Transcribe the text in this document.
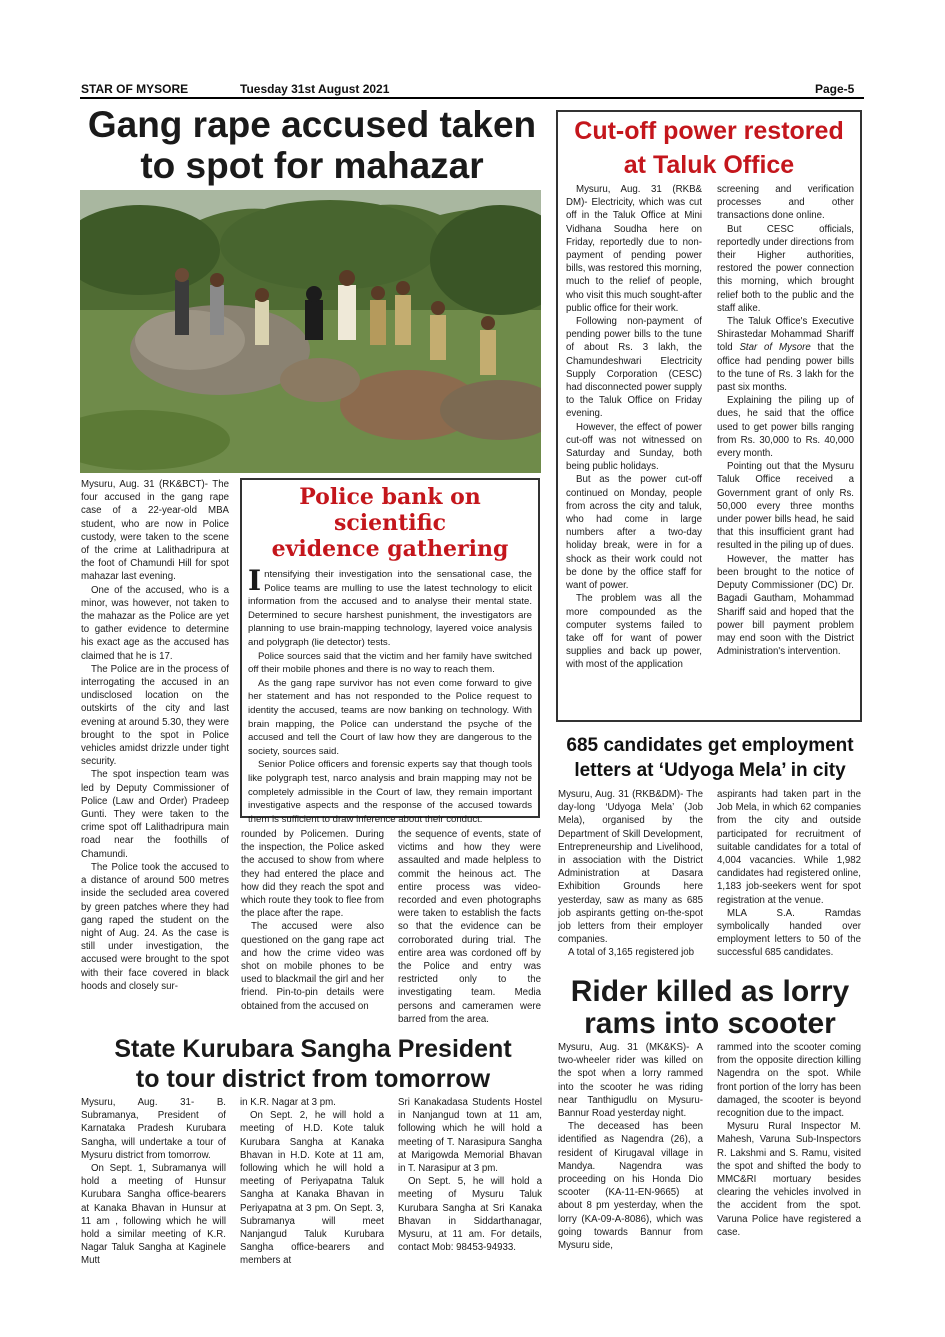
STAR OF MYSORE	Tuesday 31st August 2021	Page-5
Gang rape accused taken
to spot for mahazar

Mysuru, Aug. 31 (RK&BCT)- The four accused in the gang rape case of a 22-year-old MBA student, who are now in Police custody, were taken to the scene of the crime at Lalithadripura at the foot of Chamundi Hill for spot mahazar last evening.

One of the accused, who is a minor, was however, not taken to the mahazar as the Police are yet to gather evidence to determine his exact age as the accused has claimed that he is 17.

The Police are in the process of interrogating the accused in an undisclosed location on the outskirts of the city and last evening at around 5.30, they were brought to the spot in Police vehicles amidst drizzle under tight security.

The spot inspection team was led by Deputy Commissioner of Police (Law and Order) Pradeep Gunti. They were taken to the crime spot off Lalithadripura main road near the foothills of Chamundi.

The Police took the accused to a distance of around 500 metres inside the secluded area covered by green patches where they had gang raped the student on the night of Aug. 24. As the case is still under investigation, the accused were brought to the spot with their face covered in black hoods and closely sur-

Police bank on scientific
evidence gathering

Intensifying their investigation into the sensational case, the Police teams are mulling to use the latest technology to elicit information from the accused and to analyse their mental state. Determined to secure harshest punishment, the investigators are planning to use brain-mapping technology, layered voice analysis and polygraph (lie detector) tests.

Police sources said that the victim and her family have switched off their mobile phones and there is no way to reach them.

As the gang rape survivor has not even come forward to give her statement and has not responded to the Police request to identity the accused, teams are now banking on technology. With brain mapping, the Police can understand the psyche of the accused and tell the Court of law how they are dangerous to the society, sources said.

Senior Police officers and forensic experts say that though tools like polygraph test, narco analysis and brain mapping may not be completely admissible in the Court of law, they remain important investigative aspects and the response of the accused towards them is sufficient to draw inference about their conduct.

rounded by Policemen. During the inspection, the Police asked the accused to show from where they had entered the place and how did they reach the spot and which route they took to flee from the place after the rape.

The accused were also questioned on the gang rape act and how the crime video was shot on mobile phones to be used to blackmail the girl and her friend. Pin-to-pin details were obtained from the accused on

the sequence of events, state of victims and how they were assaulted and made helpless to commit the heinous act. The entire process was video-recorded and even photographs were taken to establish the facts so that the evidence can be corroborated during trial. The entire area was cordoned off by the Police and entry was restricted only to the investigating team. Media persons and cameramen were barred from the area.

Cut-off power restored
at Taluk Office

Mysuru, Aug. 31 (RKB& DM)- Electricity, which was cut off in the Taluk Office at Mini Vidhana Soudha here on Friday, reportedly due to non-payment of pending power bills, was restored this morning, much to the relief of people, who visit this much sought-after public office for their work.

Following non-payment of pending power bills to the tune of about Rs. 3 lakh, the Chamundeshwari Electricity Supply Corporation (CESC) had disconnected power supply to the Taluk Office on Friday evening.

However, the effect of power cut-off was not witnessed on Saturday and Sunday, both being public holidays.

But as the power cut-off continued on Monday, people from across the city and taluk, who had come in large numbers after a two-day holiday break, were in for a shock as their work could not be done by the office staff for want of power.

The problem was all the more compounded as the computer systems failed to take off for want of power supplies and back up power, with most of the application

screening and verification processes and other transactions done online.

But CESC officials, reportedly under directions from their Higher authorities, restored the power connection this morning, which brought relief both to the public and the staff alike.

The Taluk Office's Executive Shirastedar Mohammad Shariff told Star of Mysore that the office had pending power bills to the tune of Rs. 3 lakh for the past six months.

Explaining the piling up of dues, he said that the office used to get power bills ranging from Rs. 30,000 to Rs. 40,000 every month.

Pointing out that the Mysuru Taluk Office received a Government grant of only Rs. 50,000 every three months under power bills head, he said that this insufficient grant had resulted in the piling up of dues.

However, the matter has been brought to the notice of Deputy Commissioner (DC) Dr. Bagadi Gautham, Mohammad Shariff said and hoped that the power bill payment problem may end soon with the District Administration's intervention.

685 candidates get employment
letters at ‘Udyoga Mela’ in city

Mysuru, Aug. 31 (RKB&DM)- The day-long ‘Udyoga Mela’ (Job Mela), organised by the Department of Skill Development, Entrepreneurship and Livelihood, in association with the District Administration at Dasara Exhibition Grounds here yesterday, saw as many as 685 job aspirants getting on-the-spot job letters from their employer companies.

A total of 3,165 registered job

aspirants had taken part in the Job Mela, in which 62 companies from the city and outside participated for recruitment of suitable candidates for a total of 4,004 vacancies. While 1,982 candidates had registered online, 1,183 job-seekers went for spot registration at the venue.

MLA S.A. Ramdas symbolically handed over employment letters to 50 of the successful 685 candidates.

Rider killed as lorry
rams into scooter

Mysuru, Aug. 31 (MK&KS)- A two-wheeler rider was killed on the spot when a lorry rammed into the scooter he was riding near Tanthigudlu on Mysuru-Bannur Road yesterday night.

The deceased has been identified as Nagendra (26), a resident of Kirugaval village in Mandya. Nagendra was proceeding on his Honda Dio scooter (KA-11-EN-9665) at about 8 pm yesterday, when the lorry (KA-09-A-8086), which was going towards Bannur from Mysuru side,

rammed into the scooter coming from the opposite direction killing Nagendra on the spot. While front portion of the lorry has been damaged, the scooter is beyond recognition due to the impact.

Mysuru Rural Inspector M. Mahesh, Varuna Sub-Inspectors R. Lakshmi and S. Ramu, visited the spot and shifted the body to MMC&RI mortuary besides clearing the vehicles involved in the accident from the spot. Varuna Police have registered a case.

State Kurubara Sangha President
to tour district from tomorrow

Mysuru, Aug. 31- B. Subramanya, President of Karnataka Pradesh Kurubara Sangha, will undertake a tour of Mysuru district from tomorrow.

On Sept. 1, Subramanya will hold a meeting of Hunsur Kurubara Sangha office-bearers at Kanaka Bhavan in Hunsur at 11 am , following which he will hold a similar meeting of K.R. Nagar Taluk Sangha at Kaginele Mutt

in K.R. Nagar at 3 pm.

On Sept. 2, he will hold a meeting of H.D. Kote taluk Kurubara Sangha at Kanaka Bhavan in H.D. Kote at 11 am, following which he will hold a meeting of Periyapatna Taluk Sangha at Kanaka Bhavan in Periyapatna at 3 pm. On Sept. 3, Subramanya will meet Nanjangud Taluk Kurubara Sangha office-bearers and members at

Sri Kanakadasa Students Hostel in Nanjangud town at 11 am, following which he will hold a meeting of T. Narasipura Sangha at Marigowda Memorial Bhavan in T. Narasipur at 3 pm.

On Sept. 5, he will hold a meeting of Mysuru Taluk Kurubara Sangha at Sri Kanaka Bhavan in Siddarthanagar, Mysuru, at 11 am. For details, contact Mob: 98453-94933.
